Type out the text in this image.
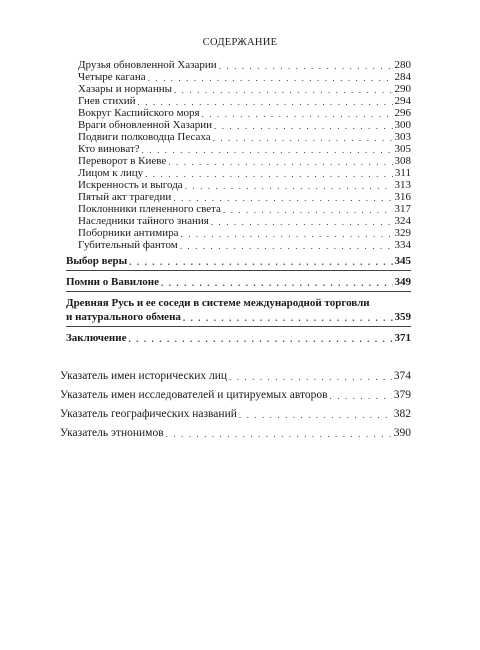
СОДЕРЖАНИЕ
Друзья обновленной Хазарии . . .	280
Четыре кагана . . .	284
Хазары и норманны . . .	290
Гнев стихий . . .	294
Вокруг Каспийского моря . . .	296
Враги обновленной Хазарии . . .	300
Подвиги полководца Песаха . . .	303
Кто виноват? . . .	305
Переворот в Киеве . . .	308
Лицом к лицу . . .	311
Искренность и выгода . . .	313
Пятый акт трагедии . . .	316
Поклонники плененного света . . .	317
Наследники тайного знания . . .	324
Поборники антимира . . .	329
Губительный фантом . . .	334
Выбор веры . . .	345
Помни о Вавилоне . . .	349
Древняя Русь и ее соседи в системе международной торговли
и натурального обмена . . .	359
Заключение . . .	371
Указатель имен исторических лиц . . .	374
Указатель имен исследователей и цитируемых авторов . . .	379
Указатель географических названий . . .	382
Указатель этнонимов . . .	390
